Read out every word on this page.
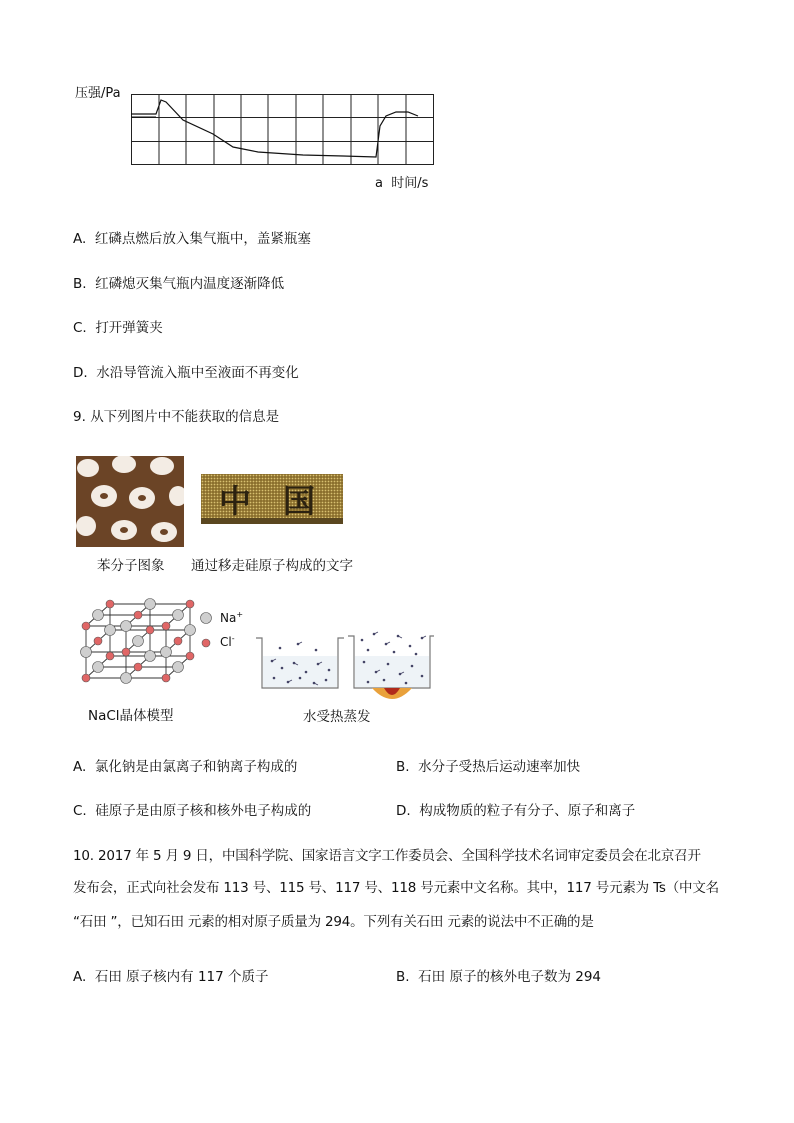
压强/Pa
a 时间/s
A. 红磷点燃后放入集气瓶中，盖紧瓶塞
B. 红磷熄灭集气瓶内温度逐渐降低
C. 打开弹簧夹
D. 水沿导管流入瓶中至液面不再变化
9. 从下列图片中不能获取的信息是
中 国
苯分子图象 通过移走硅原子构成的文字
Na+
Cl-
NaCl晶体模型	水受热蒸发
A. 氯化钠是由氯离子和钠离子构成的	B. 水分子受热后运动速率加快
C. 硅原子是由原子核和核外电子构成的	D. 构成物质的粒子有分子、原子和离子
10. 2017 年 5 月 9 日，中国科学院、国家语言文字工作委员会、全国科学技术名词审定委员会在北京召开
发布会，正式向社会发布 113 号、115 号、117 号、118 号元素中文名称。其中，117 号元素为 Ts（中文名
“石田 ”，已知石田 元素的相对原子质量为 294。下列有关石田 元素的说法中不正确的是
A. 石田 原子核内有 117 个质子	B. 石田 原子的核外电子数为 294
